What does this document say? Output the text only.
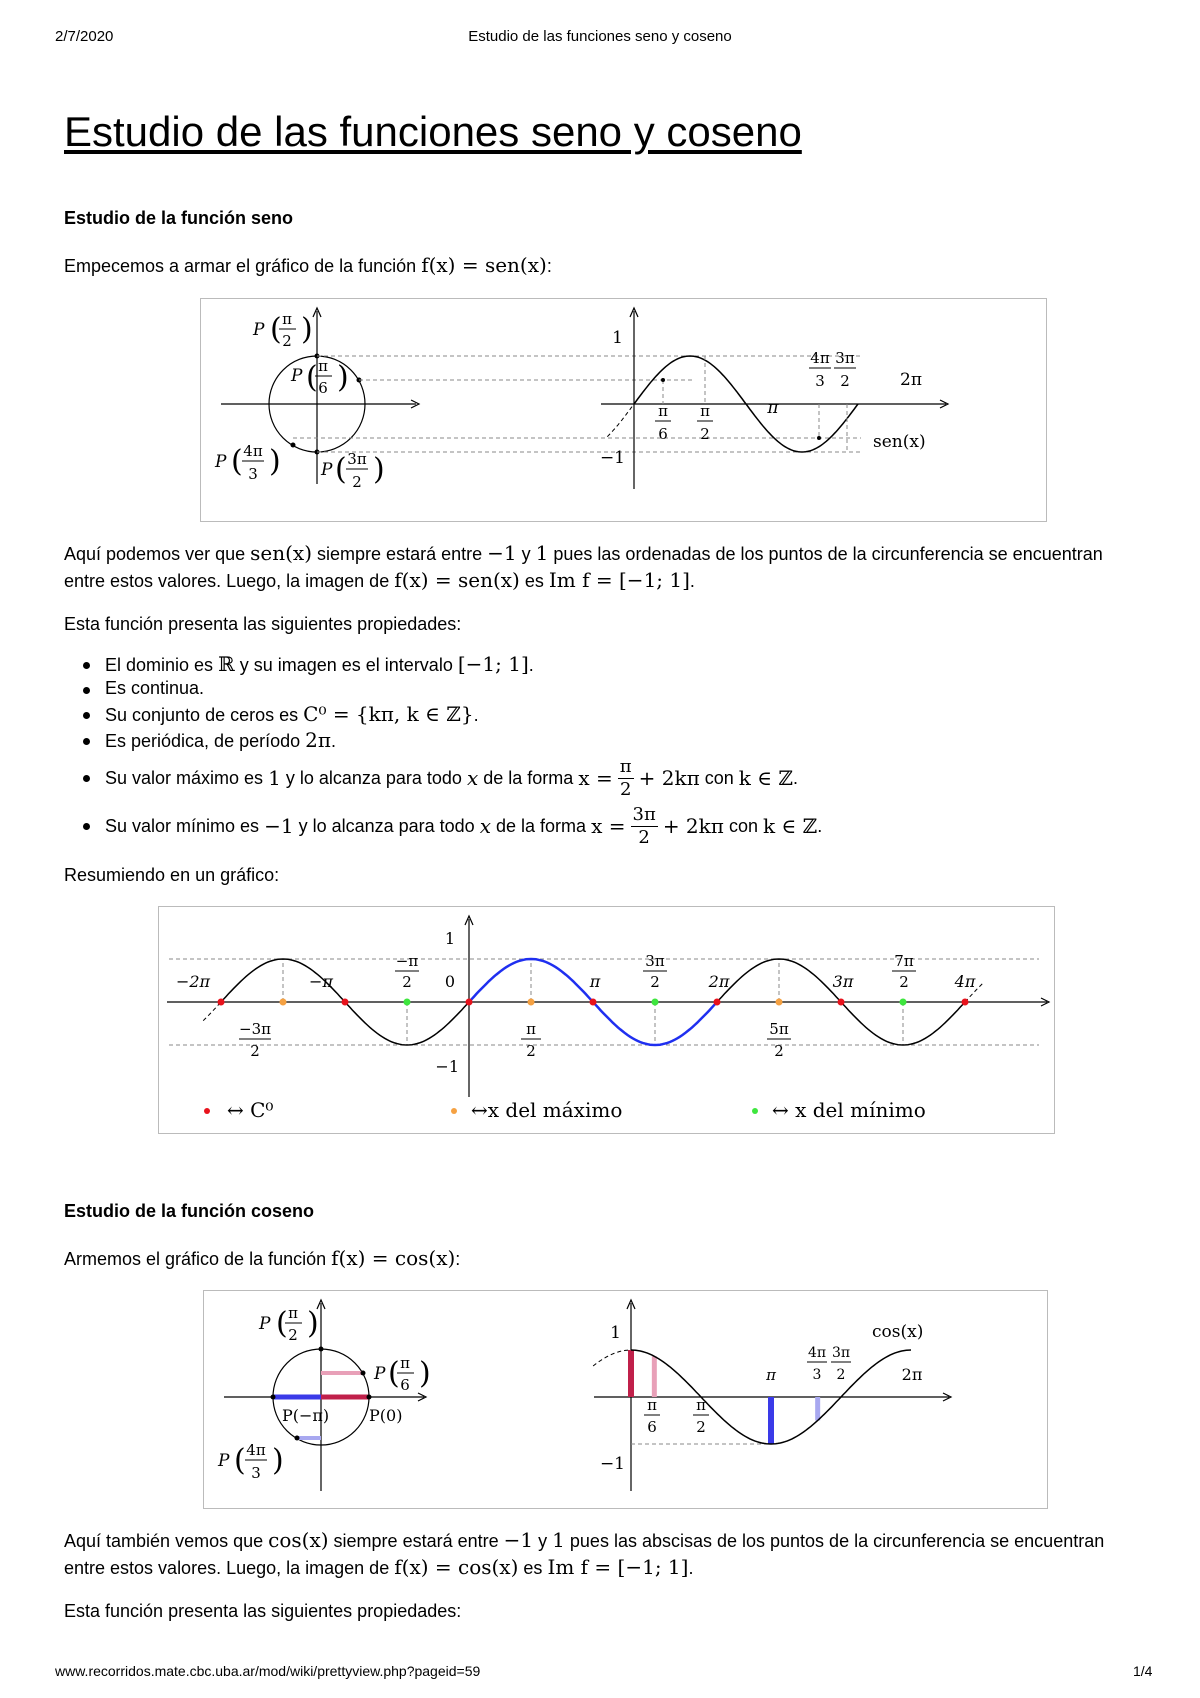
2/7/2020	Estudio de las funciones seno y coseno
www.recorridos.mate.cbc.uba.ar/mod/wiki/prettyview.php?pageid=59	1/4
Estudio de las funciones seno y coseno
Estudio de la función seno
Empecemos a armar el gráfico de la función f(x) = sen(x):
P ( )
π
2
P ( )
π
6
P ( )
4π
3	P ( )
3π
2
1
−1
π
2π
sen(x)
π
6
π
2
4π
3
3π
2
Aquí podemos ver que sen(x) siempre estará entre −1 y 1 pues las ordenadas de los puntos de la circunferencia se encuentran entre estos valores. Luego, la imagen de f(x) = sen(x) es Im f = [−1; 1].
Esta función presenta las siguientes propiedades:
El dominio es ℝ y su imagen es el intervalo [−1; 1].
Es continua.
Su conjunto de ceros es C⁰ = {kπ, k ∈ ℤ}.
Es periódica, de período 2π.
Su valor máximo es
1
y lo alcanza para todo
x
de la forma
x =
$\frac{\pi}{2}$
+ 2kπ
con
k ∈ ℤ .
Su valor mínimo es
−1
y lo alcanza para todo
x
de la forma
x =
$\frac{3\pi}{2}$
+ 2kπ
con
k ∈ ℤ .
Resumiendo en un gráfico:
1
0
−1
−2π	−π	π	2π	3π	4π
−π
2
3π
2
7π
2
−3π
2
π
2
5π
2
↔ C⁰	↔x del máximo	↔ x del mínimo
Estudio de la función coseno
Armemos el gráfico de la función f(x) = cos(x):
P ( )
π
2
P ( )
π
6
P(−π) P(0)
P ( )
4π
3
1
−1
π	2π
cos(x)
π
6
π
2
4π
3
3π
2
Aquí también vemos que cos(x) siempre estará entre −1 y 1 pues las abscisas de los puntos de la circunferencia se encuentran entre estos valores. Luego, la imagen de f(x) = cos(x) es Im f = [−1; 1].
Esta función presenta las siguientes propiedades:
